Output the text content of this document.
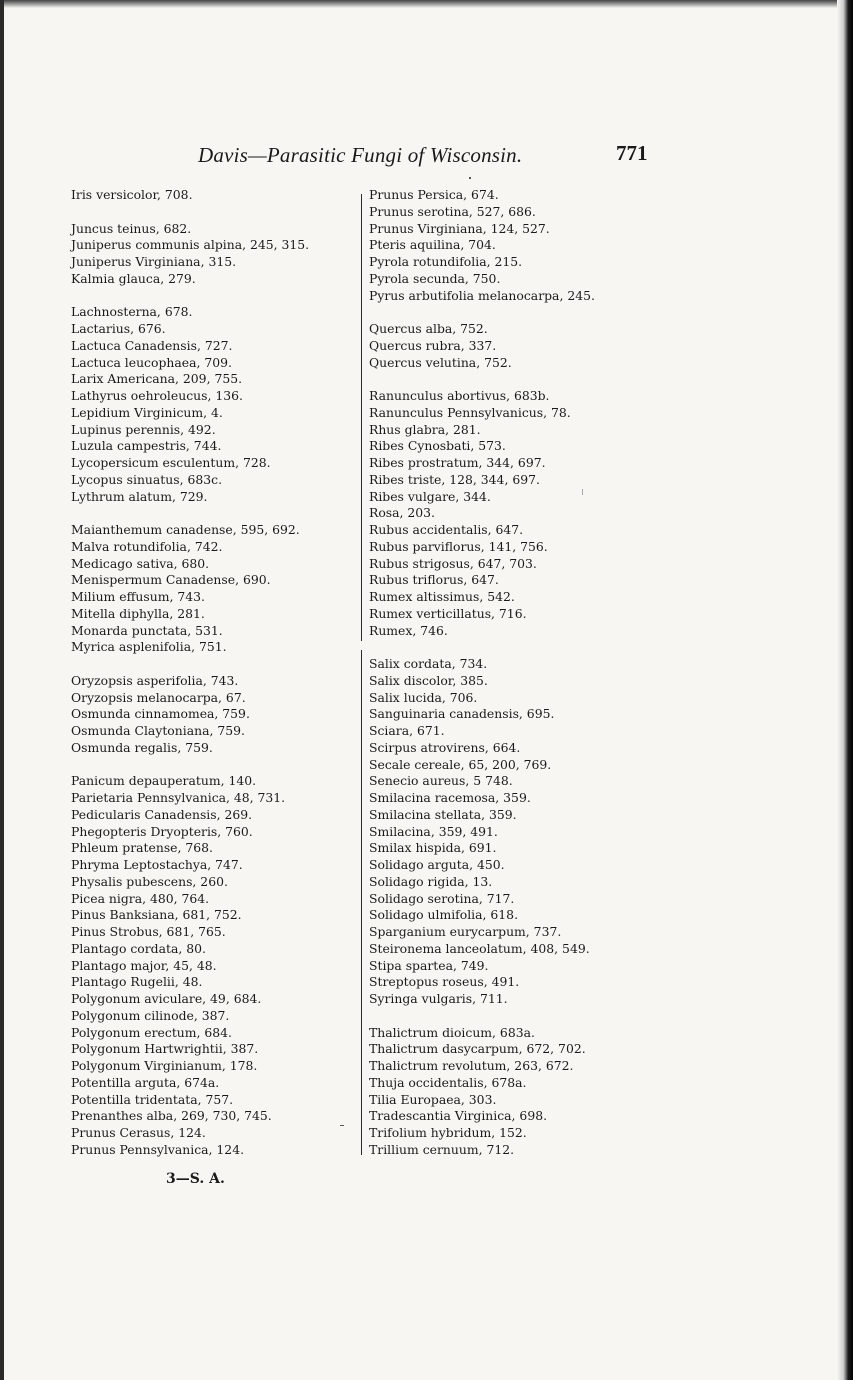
Davis—Parasitic Fungi of Wisconsin.	771
Iris versicolor, 708.
Juncus teinus, 682.
Juniperus communis alpina, 245, 315.
Juniperus Virginiana, 315.
Kalmia glauca, 279.
Lachnosterna, 678.
Lactarius, 676.
Lactuca Canadensis, 727.
Lactuca leucophaea, 709.
Larix Americana, 209, 755.
Lathyrus oehroleucus, 136.
Lepidium Virginicum, 4.
Lupinus perennis, 492.
Luzula campestris, 744.
Lycopersicum esculentum, 728.
Lycopus sinuatus, 683c.
Lythrum alatum, 729.
Maianthemum canadense, 595, 692.
Malva rotundifolia, 742.
Medicago sativa, 680.
Menispermum Canadense, 690.
Milium effusum, 743.
Mitella diphylla, 281.
Monarda punctata, 531.
Myrica asplenifolia, 751.
Oryzopsis asperifolia, 743.
Oryzopsis melanocarpa, 67.
Osmunda cinnamomea, 759.
Osmunda Claytoniana, 759.
Osmunda regalis, 759.
Panicum depauperatum, 140.
Parietaria Pennsylvanica, 48, 731.
Pedicularis Canadensis, 269.
Phegopteris Dryopteris, 760.
Phleum pratense, 768.
Phryma Leptostachya, 747.
Physalis pubescens, 260.
Picea nigra, 480, 764.
Pinus Banksiana, 681, 752.
Pinus Strobus, 681, 765.
Plantago cordata, 80.
Plantago major, 45, 48.
Plantago Rugelii, 48.
Polygonum aviculare, 49, 684.
Polygonum cilinode, 387.
Polygonum erectum, 684.
Polygonum Hartwrightii, 387.
Polygonum Virginianum, 178.
Potentilla arguta, 674a.
Potentilla tridentata, 757.
Prenanthes alba, 269, 730, 745.
Prunus Cerasus, 124.
Prunus Pennsylvanica, 124.
Prunus Persica, 674.
Prunus serotina, 527, 686.
Prunus Virginiana, 124, 527.
Pteris aquilina, 704.
Pyrola rotundifolia, 215.
Pyrola secunda, 750.
Pyrus arbutifolia melanocarpa, 245.
Quercus alba, 752.
Quercus rubra, 337.
Quercus velutina, 752.
Ranunculus abortivus, 683b.
Ranunculus Pennsylvanicus, 78.
Rhus glabra, 281.
Ribes Cynosbati, 573.
Ribes prostratum, 344, 697.
Ribes triste, 128, 344, 697.
Ribes vulgare, 344.
Rosa, 203.
Rubus accidentalis, 647.
Rubus parviflorus, 141, 756.
Rubus strigosus, 647, 703.
Rubus triflorus, 647.
Rumex altissimus, 542.
Rumex verticillatus, 716.
Rumex, 746.
Salix cordata, 734.
Salix discolor, 385.
Salix lucida, 706.
Sanguinaria canadensis, 695.
Sciara, 671.
Scirpus atrovirens, 664.
Secale cereale, 65, 200, 769.
Senecio aureus, 5 748.
Smilacina racemosa, 359.
Smilacina stellata, 359.
Smilacina, 359, 491.
Smilax hispida, 691.
Solidago arguta, 450.
Solidago rigida, 13.
Solidago serotina, 717.
Solidago ulmifolia, 618.
Sparganium eurycarpum, 737.
Steironema lanceolatum, 408, 549.
Stipa spartea, 749.
Streptopus roseus, 491.
Syringa vulgaris, 711.
Thalictrum dioicum, 683a.
Thalictrum dasycarpum, 672, 702.
Thalictrum revolutum, 263, 672.
Thuja occidentalis, 678a.
Tilia Europaea, 303.
Tradescantia Virginica, 698.
Trifolium hybridum, 152.
Trillium cernuum, 712.
3—S. A.
